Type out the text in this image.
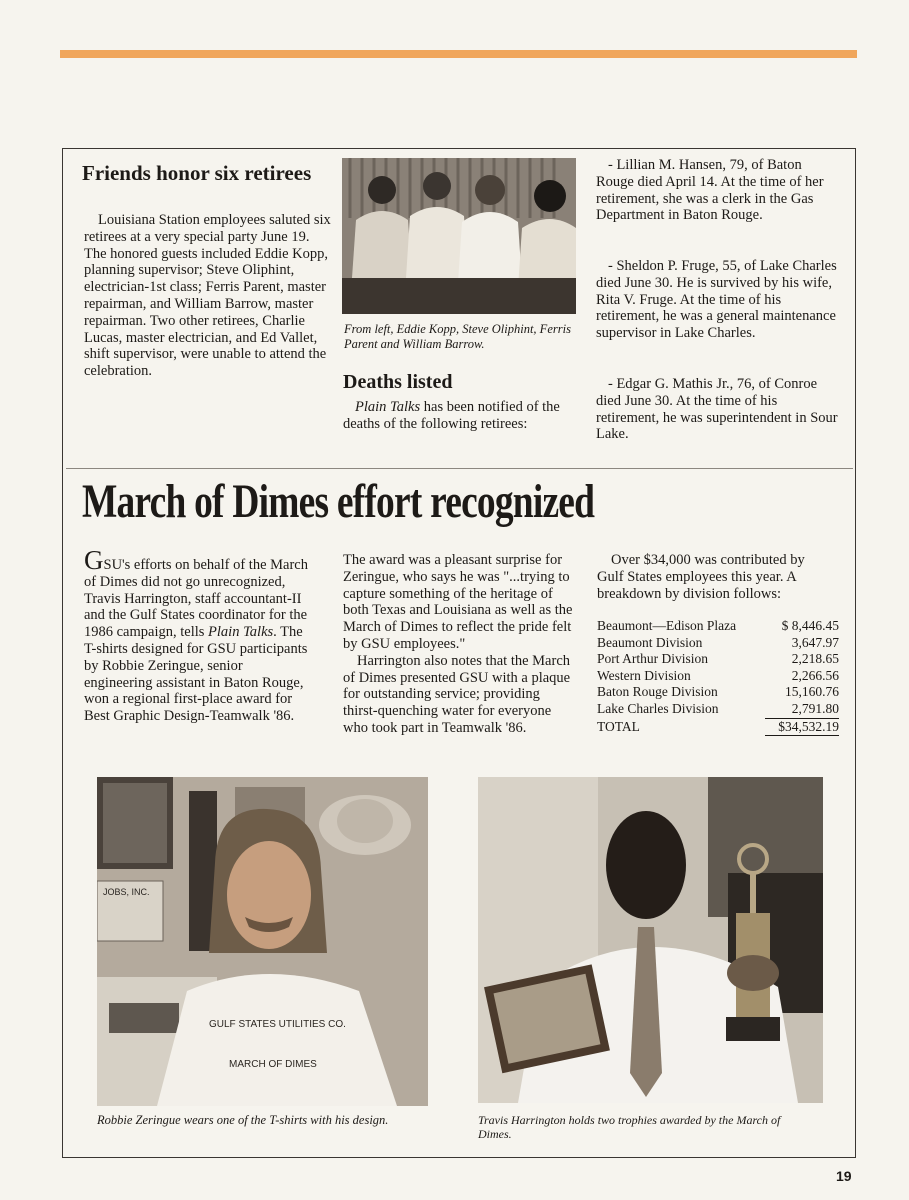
Friends honor six retirees

Louisiana Station employees saluted six retirees at a very special party June 19. The honored guests included Eddie Kopp, planning supervisor; Steve Oliphint, electrician-1st class; Ferris Parent, master repairman, and William Barrow, master repairman. Two other retirees, Charlie Lucas, master electrician, and Ed Vallet, shift supervisor, were unable to attend the celebration.

From left, Eddie Kopp, Steve Oliphint, Ferris Parent and William Barrow.

Deaths listed

Plain Talks has been notified of the deaths of the following retirees:

- Lillian M. Hansen, 79, of Baton Rouge died April 14. At the time of her retirement, she was a clerk in the Gas Department in Baton Rouge.

- Sheldon P. Fruge, 55, of Lake Charles died June 30. He is survived by his wife, Rita V. Fruge. At the time of his retirement, he was a general maintenance supervisor in Lake Charles.

- Edgar G. Mathis Jr., 76, of Conroe died June 30. At the time of his retirement, he was superintendent in Sour Lake.

March of Dimes effort recognized

GSU's efforts on behalf of the March of Dimes did not go unrecognized, Travis Harrington, staff accountant-II and the Gulf States coordinator for the 1986 campaign, tells Plain Talks. The T-shirts designed for GSU participants by Robbie Zeringue, senior engineering assistant in Baton Rouge, won a regional first-place award for Best Graphic Design-Teamwalk '86.

The award was a pleasant surprise for Zeringue, who says he was "...trying to capture something of the heritage of both Texas and Louisiana as well as the March of Dimes to reflect the pride felt by GSU employees."

Harrington also notes that the March of Dimes presented GSU with a plaque for outstanding service; providing thirst-quenching water for everyone who took part in Teamwalk '86.

Over $34,000 was contributed by Gulf States employees this year. A breakdown by division follows:

Beaumont—Edison Plaza	$ 8,446.45
Beaumont Division	3,647.97
Port Arthur Division	2,218.65
Western Division	2,266.56
Baton Rouge Division	15,160.76
Lake Charles Division	2,791.80
TOTAL	$34,532.19
JOBS, INC.
GULF STATES UTILITIES CO.
MARCH OF DIMES

Robbie Zeringue wears one of the T-shirts with his design.	Travis Harrington holds two trophies awarded by the March of Dimes.

19
